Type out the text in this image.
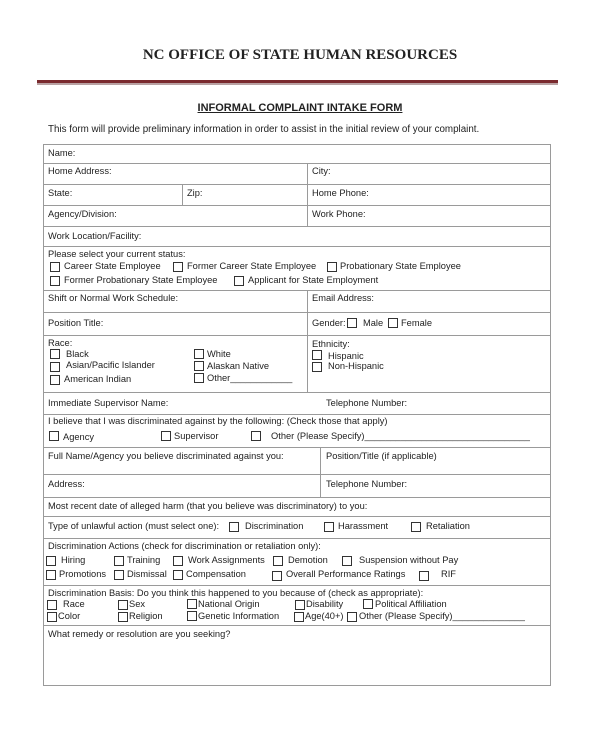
NC OFFICE OF STATE HUMAN RESOURCES
INFORMAL COMPLAINT INTAKE FORM
This form will provide preliminary information in order to assist in the initial review of your complaint.
Name:
Home Address:	City:
State:	Zip:	Home Phone:
Agency/Division:	Work Phone:
Work Location/Facility:
Please select your current status:
Career State Employee	Former Career State Employee	Probationary State Employee
Former Probationary State Employee	Applicant for State Employment
Shift or Normal Work Schedule:	Email Address:
Position Title:	Gender: Male Female
Race:
Black
Asian/Pacific Islander
American Indian
White
Alaskan Native
Other____________
Ethnicity:
Hispanic
Non-Hispanic
Immediate Supervisor Name:	Telephone Number:
I believe that I was discriminated against by the following: (Check those that apply)
Agency	Supervisor	Other (Please Specify)________________________________
Full Name/Agency you believe discriminated against you:	Position/Title (if applicable)
Address:	Telephone Number:
Most recent date of alleged harm (that you believe was discriminatory) to you:
Type of unlawful action (must select one):	Discrimination	Harassment	Retaliation
Discrimination Actions (check for discrimination or retaliation only):
Hiring	Training	Work Assignments Demotion	Suspension without Pay
Promotions Dismissal Compensation	Overall Performance Ratings	RIF
Discrimination Basis: Do you think this happened to you because of (check as appropriate):
Race	Sex	National Origin	Disability	Political Affiliation
Color	Religion	Genetic Information	Age(40+) Other (Please Specify)______________
What remedy or resolution are you seeking?
